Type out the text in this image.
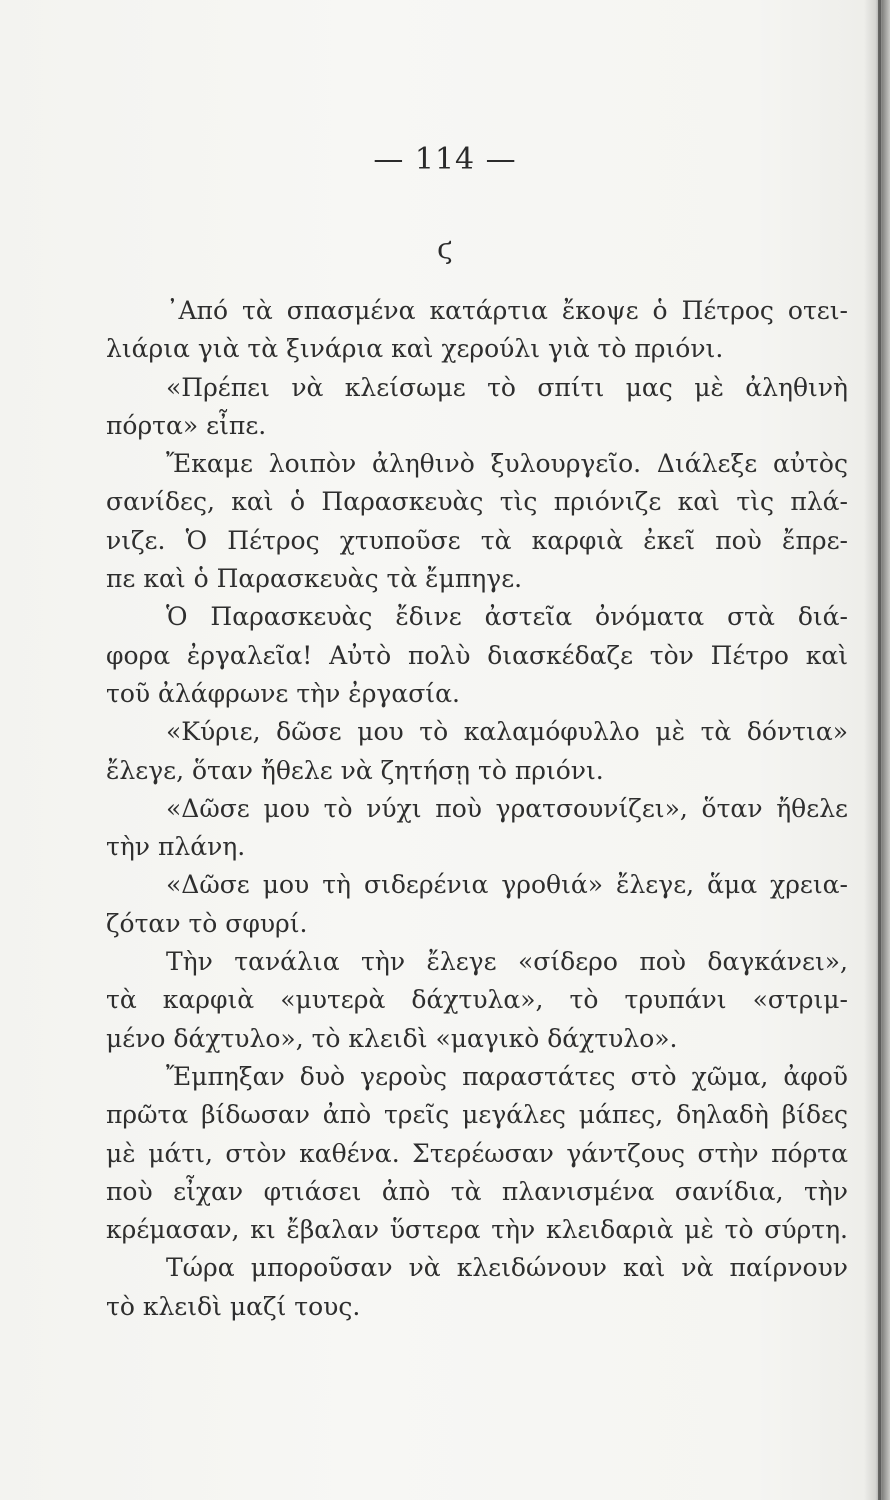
— 114 —
ϛ
᾿Από τὰ σπασμένα κατάρτια ἔκοψε ὁ Πέτρος οτει-
λιάρια γιὰ τὰ ξινάρια καὶ χερούλι γιὰ τὸ πριόνι.
«Πρέπει νὰ κλείσωμε τὸ σπίτι μας μὲ ἀληθινὴ
πόρτα» εἶπε.
Ἔκαμε λοιπὸν ἀληθινὸ ξυλουργεῖο. Διάλεξε αὐτὸς
σανίδες, καὶ ὁ Παρασκευὰς τὶς πριόνιζε καὶ τὶς πλά-
νιζε. Ὁ Πέτρος χτυποῦσε τὰ καρφιὰ ἐκεῖ ποὺ ἔπρε-
πε καὶ ὁ Παρασκευὰς τὰ ἔμπηγε.
Ὁ Παρασκευὰς ἔδινε ἀστεῖα ὀνόματα στὰ διά-
φορα ἐργαλεῖα! Αὐτὸ πολὺ διασκέδαζε τὸν Πέτρο καὶ
τοῦ ἀλάφρωνε τὴν ἐργασία.
«Κύριε, δῶσε μου τὸ καλαμόφυλλο μὲ τὰ δόντια»
ἔλεγε, ὅταν ἤθελε νὰ ζητήσῃ τὸ πριόνι.
«Δῶσε μου τὸ νύχι ποὺ γρατσουνίζει», ὅταν ἤθελε
τὴν πλάνη.
«Δῶσε μου τὴ σιδερένια γροθιά» ἔλεγε, ἅμα χρεια-
ζόταν τὸ σφυρί.
Τὴν τανάλια τὴν ἔλεγε «σίδερο ποὺ δαγκάνει»,
τὰ καρφιὰ «μυτερὰ δάχτυλα», τὸ τρυπάνι «στριμ-
μένο δάχτυλο», τὸ κλειδὶ «μαγικὸ δάχτυλο».
Ἔμπηξαν δυὸ γεροὺς παραστάτες στὸ χῶμα, ἀφοῦ
πρῶτα βίδωσαν ἀπὸ τρεῖς μεγάλες μάπες, δηλαδὴ βίδες
μὲ μάτι, στὸν καθένα. Στερέωσαν γάντζους στὴν πόρτα
ποὺ εἶχαν φτιάσει ἀπὸ τὰ πλανισμένα σανίδια, τὴν
κρέμασαν, κι ἔβαλαν ὕστερα τὴν κλειδαριὰ μὲ τὸ σύρτη.
Τώρα μποροῦσαν νὰ κλειδώνουν καὶ νὰ παίρνουν
τὸ κλειδὶ μαζί τους.
